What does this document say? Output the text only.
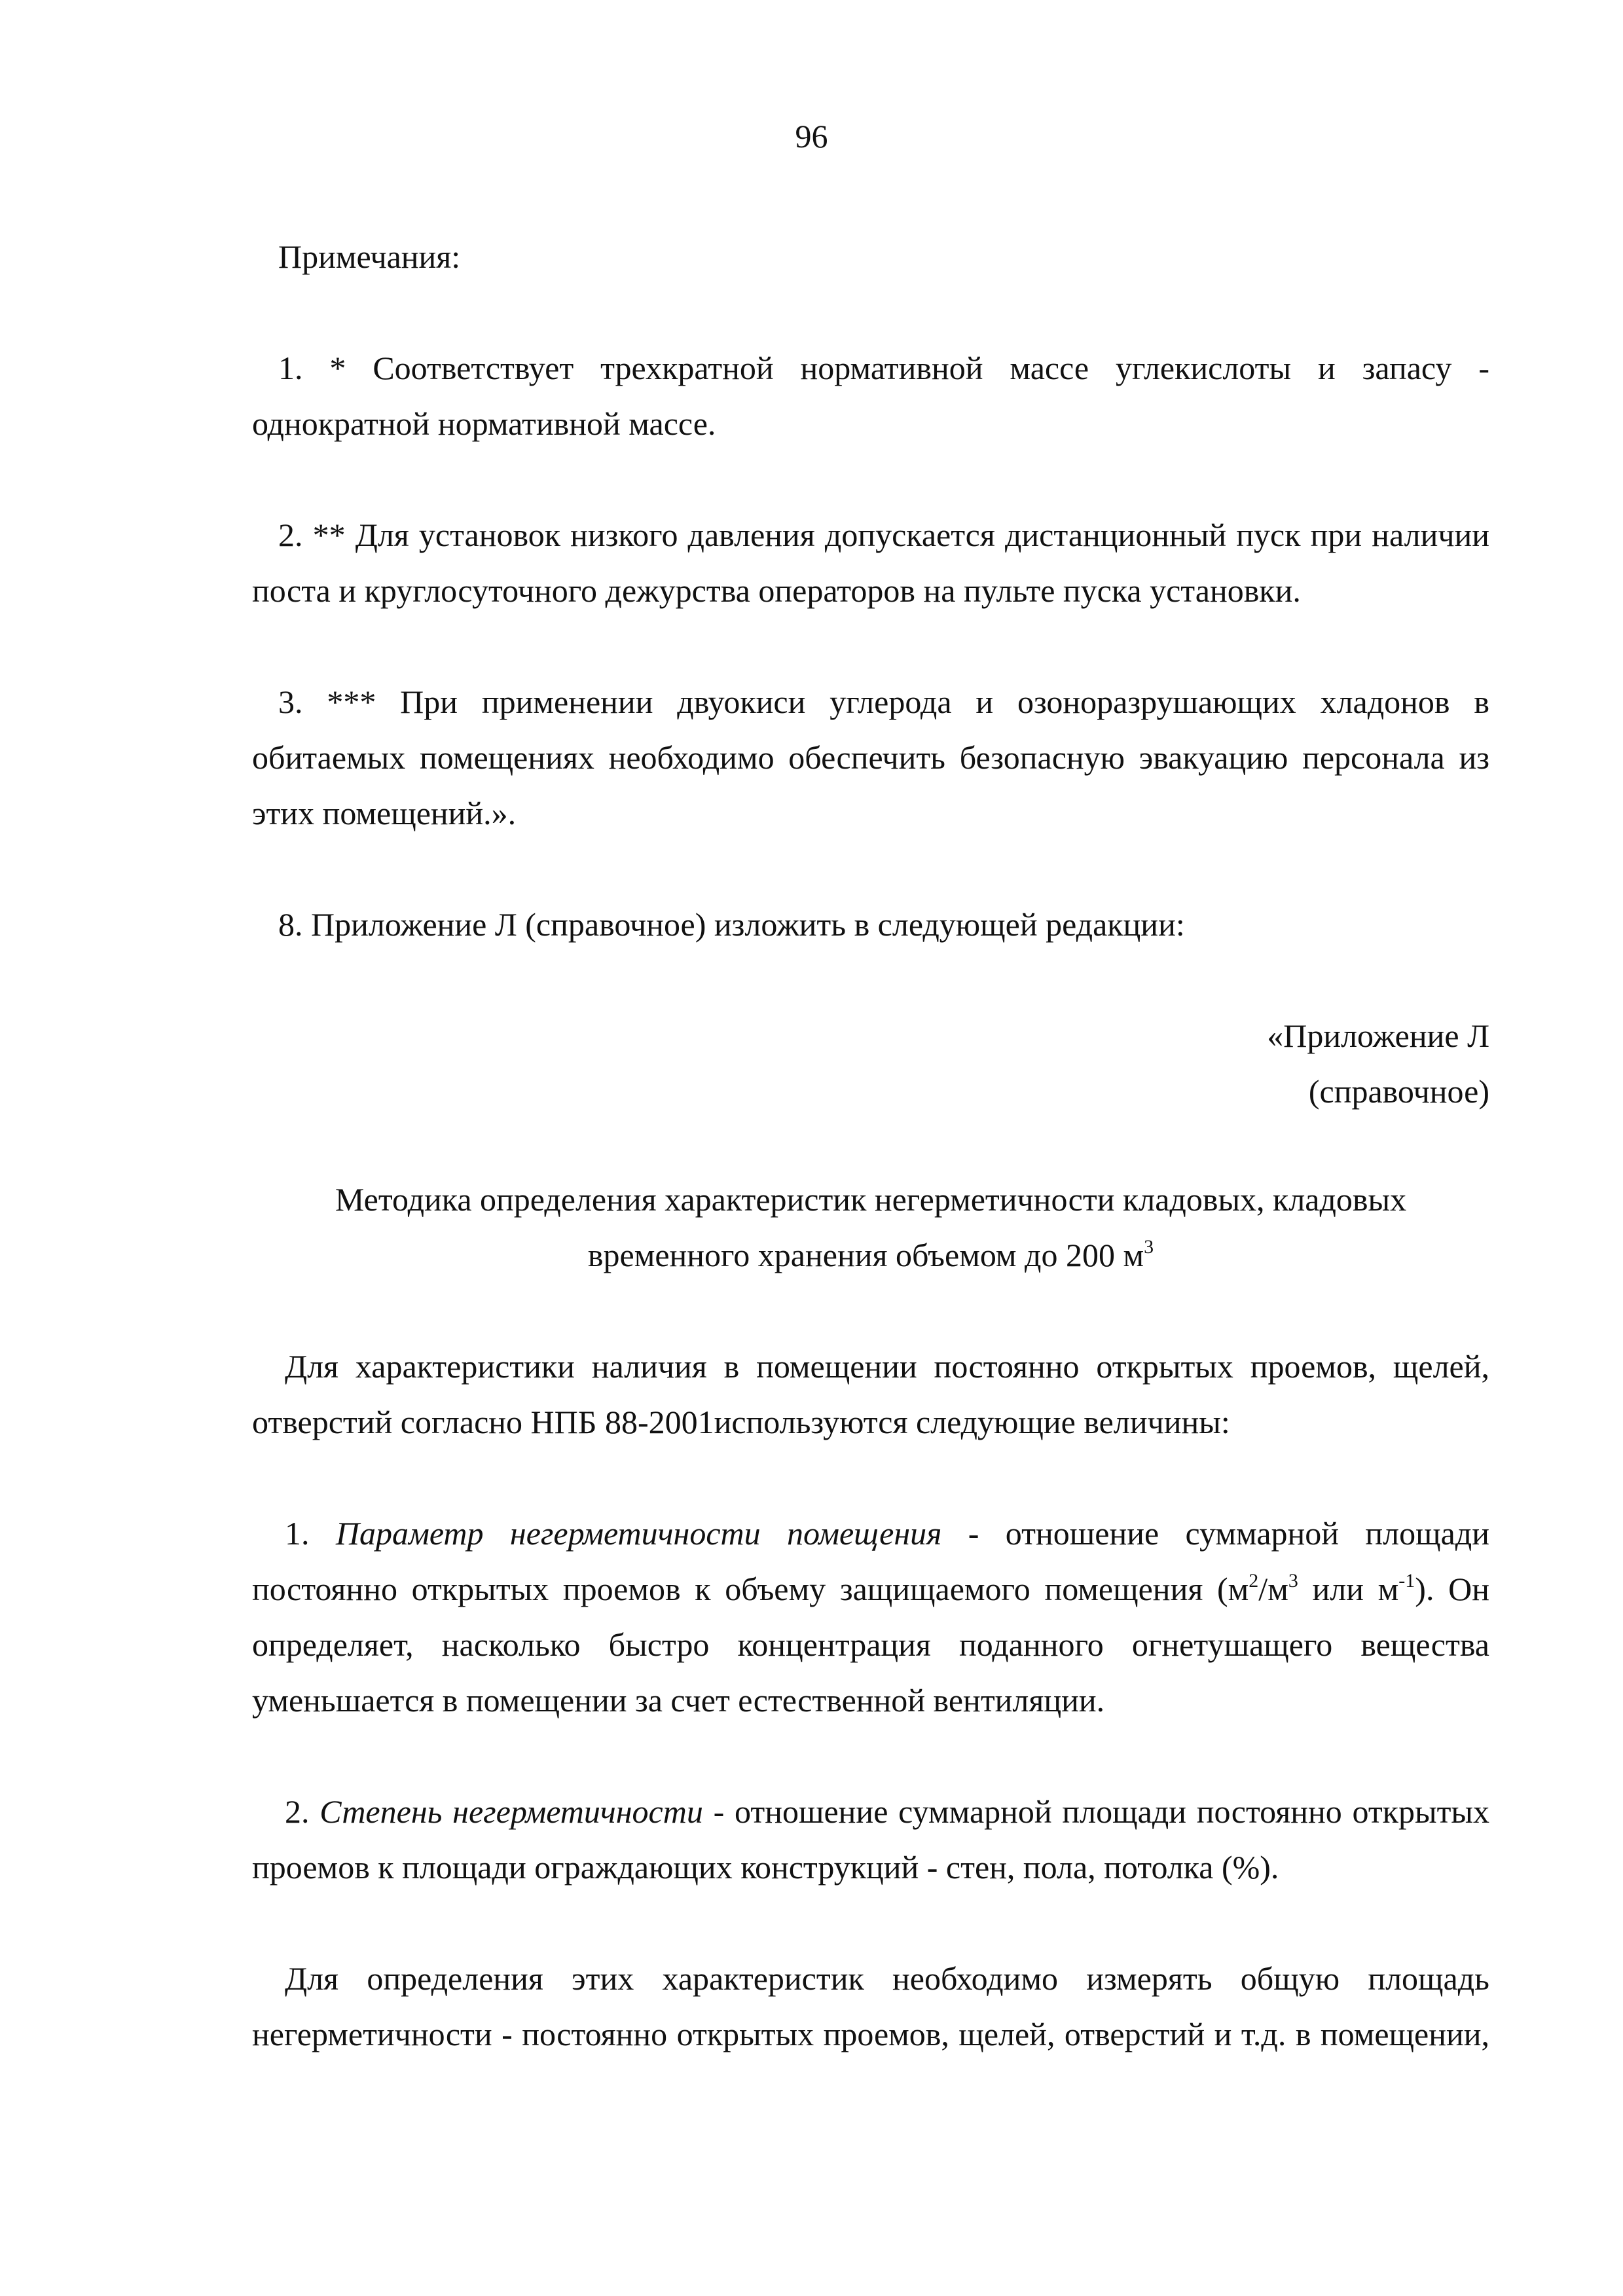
96
Примечания:
1. * Соответствует трехкратной нормативной массе углекислоты и запасу -
однократной нормативной массе.
2. ** Для установок низкого давления допускается дистанционный пуск при наличии
поста и круглосуточного дежурства операторов на пульте пуска установки.
3. *** При применении двуокиси углерода и озоноразрушающих хладонов в
обитаемых помещениях необходимо обеспечить безопасную эвакуацию персонала из
этих помещений.».
8. Приложение Л (справочное) изложить в следующей редакции:
«Приложение Л
(справочное)
Методика определения характеристик негерметичности кладовых, кладовых
временного хранения объемом до 200 $м^3$
Для характеристики наличия в помещении постоянно открытых проемов, щелей,
отверстий согласно НПБ 88-2001используются следующие величины:
1. Параметр негерметичности помещения - отношение суммарной площади
постоянно открытых проемов к объему защищаемого помещения ($м^2/м^3$ или $м^{-1}$). Он
определяет, насколько быстро концентрация поданного огнетушащего вещества
уменьшается в помещении за счет естественной вентиляции.
2. Степень негерметичности - отношение суммарной площади постоянно открытых
проемов к площади ограждающих конструкций - стен, пола, потолка (%).
Для определения этих характеристик необходимо измерять общую площадь
негерметичности - постоянно открытых проемов, щелей, отверстий и т.д. в помещении,
